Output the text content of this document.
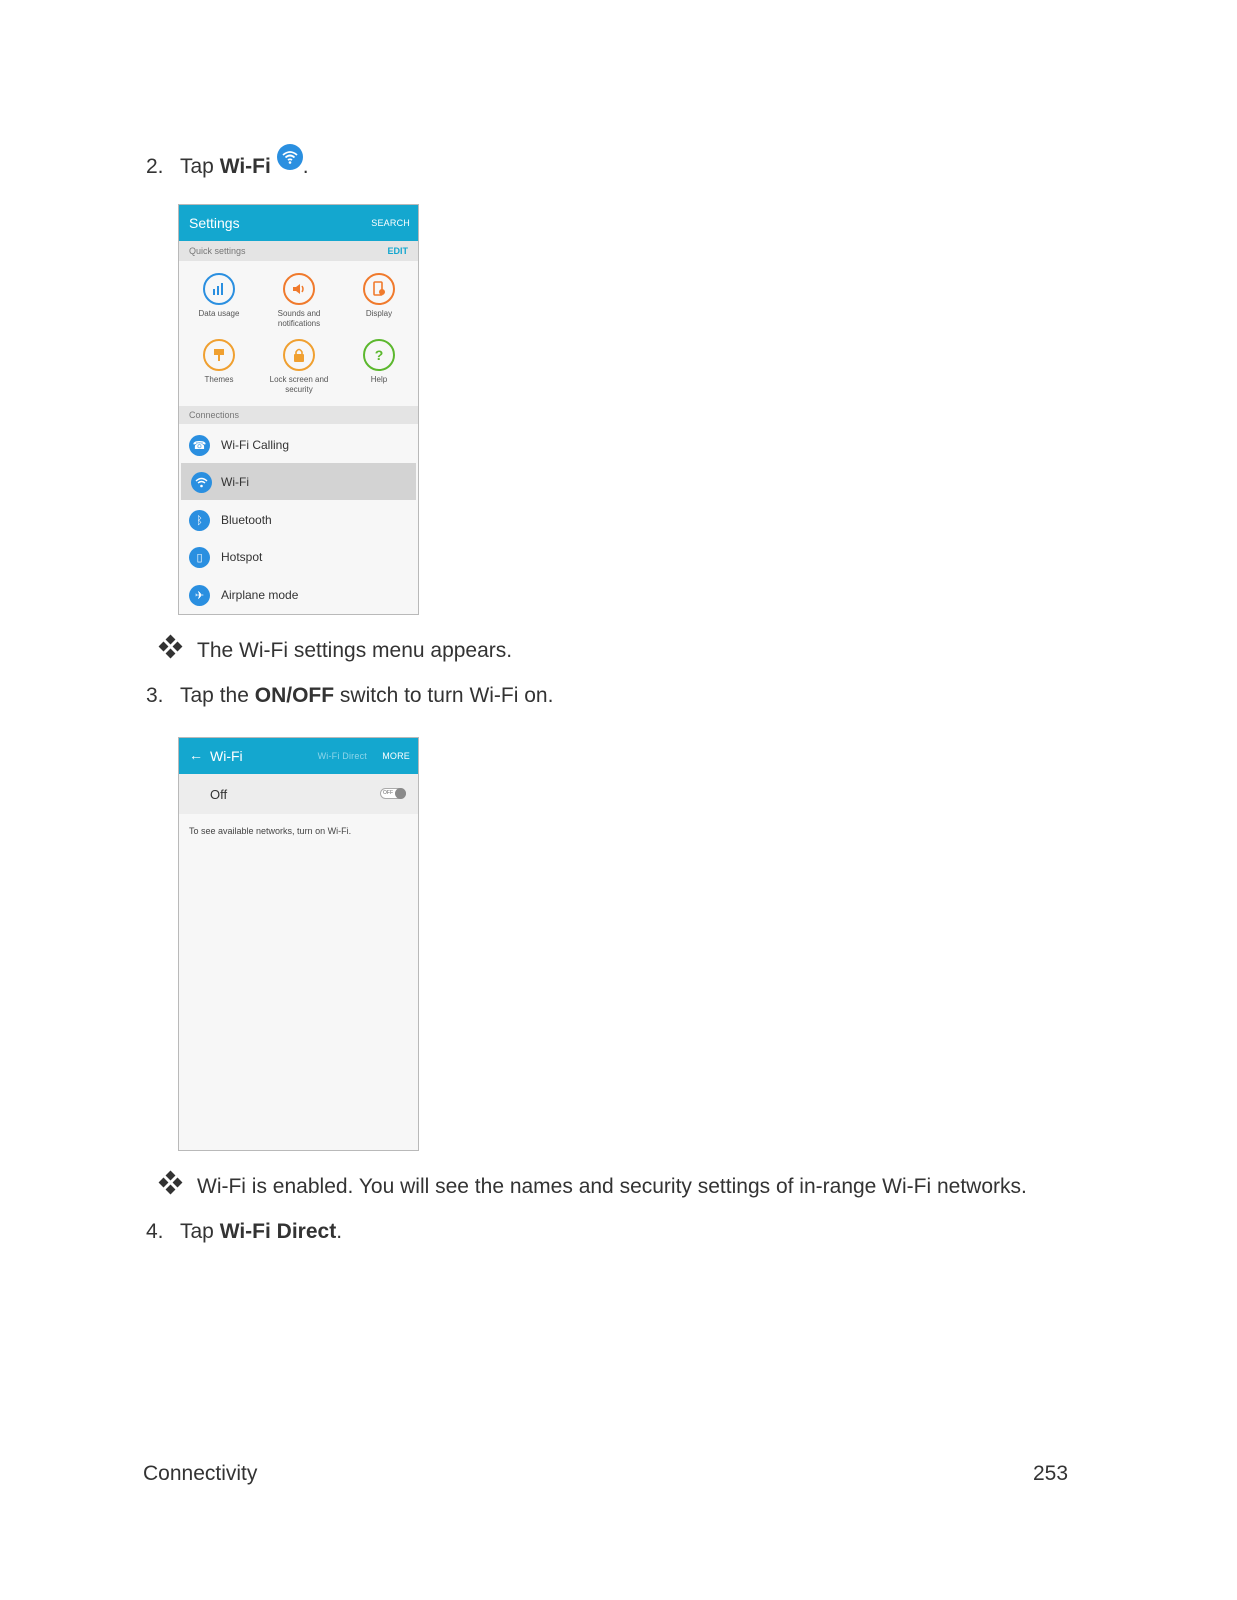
2. Tap Wi-Fi .
Settings	SEARCH
Quick settings	EDIT
Data usage	Sounds and notifications
Display
Themes	Lock screen and security
?
Help
Connections
☎	Wi-Fi Calling
Wi-Fi
ᛒ	Bluetooth
▯	Hotspot
✈	Airplane mode
The Wi-Fi settings menu appears.
3. Tap the ON/OFF switch to turn Wi-Fi on.
← Wi-Fi	Wi-Fi Direct MORE
Off	OFF
To see available networks, turn on Wi-Fi.
Wi-Fi is enabled. You will see the names and security settings of in-range Wi-Fi networks.
4. Tap Wi-Fi Direct.
Connectivity	253
